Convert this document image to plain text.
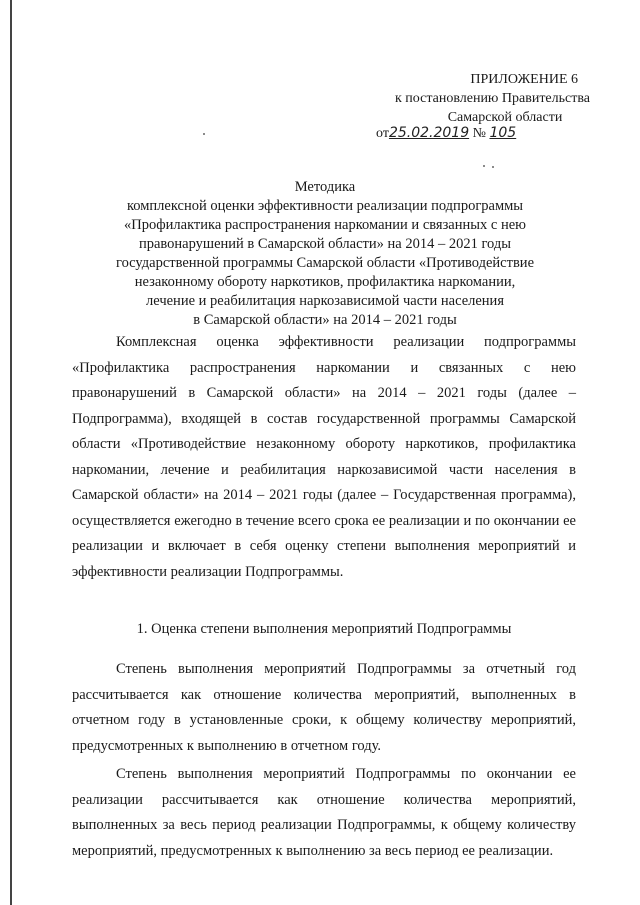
ПРИЛОЖЕНИЕ 6
к постановлению Правительства
Самарской области
от25.02.2019 № 105
Методика
комплексной оценки эффективности реализации подпрограммы
«Профилактика распространения наркомании и связанных с нею
правонарушений в Самарской области» на 2014 – 2021 годы
государственной программы Самарской области «Противодействие
незаконному обороту наркотиков, профилактика наркомании,
лечение и реабилитация наркозависимой части населения
в Самарской области» на 2014 – 2021 годы

Комплексная оценка эффективности реализации подпрограммы «Профилактика распространения наркомании и связанных с нею правонарушений в Самарской области» на 2014 – 2021 годы (далее – Подпрограмма), входящей в состав государственной программы Самарской области «Противодействие незаконному обороту наркотиков, профилактика наркомании, лечение и реабилитация наркозависимой части населения в Самарской области» на 2014 – 2021 годы (далее – Государственная программа), осуществляется ежегодно в течение всего срока ее реализации и по окончании ее реализации и включает в себя оценку степени выполнения мероприятий и эффективности реализации Подпрограммы.

1. Оценка степени выполнения мероприятий Подпрограммы

Степень выполнения мероприятий Подпрограммы за отчетный год рассчитывается как отношение количества мероприятий, выполненных в отчетном году в установленные сроки, к общему количеству мероприятий, предусмотренных к выполнению в отчетном году.

Степень выполнения мероприятий Подпрограммы по окончании ее реализации рассчитывается как отношение количества мероприятий, выполненных за весь период реализации Подпрограммы, к общему количеству мероприятий, предусмотренных к выполнению за весь период ее реализации.
